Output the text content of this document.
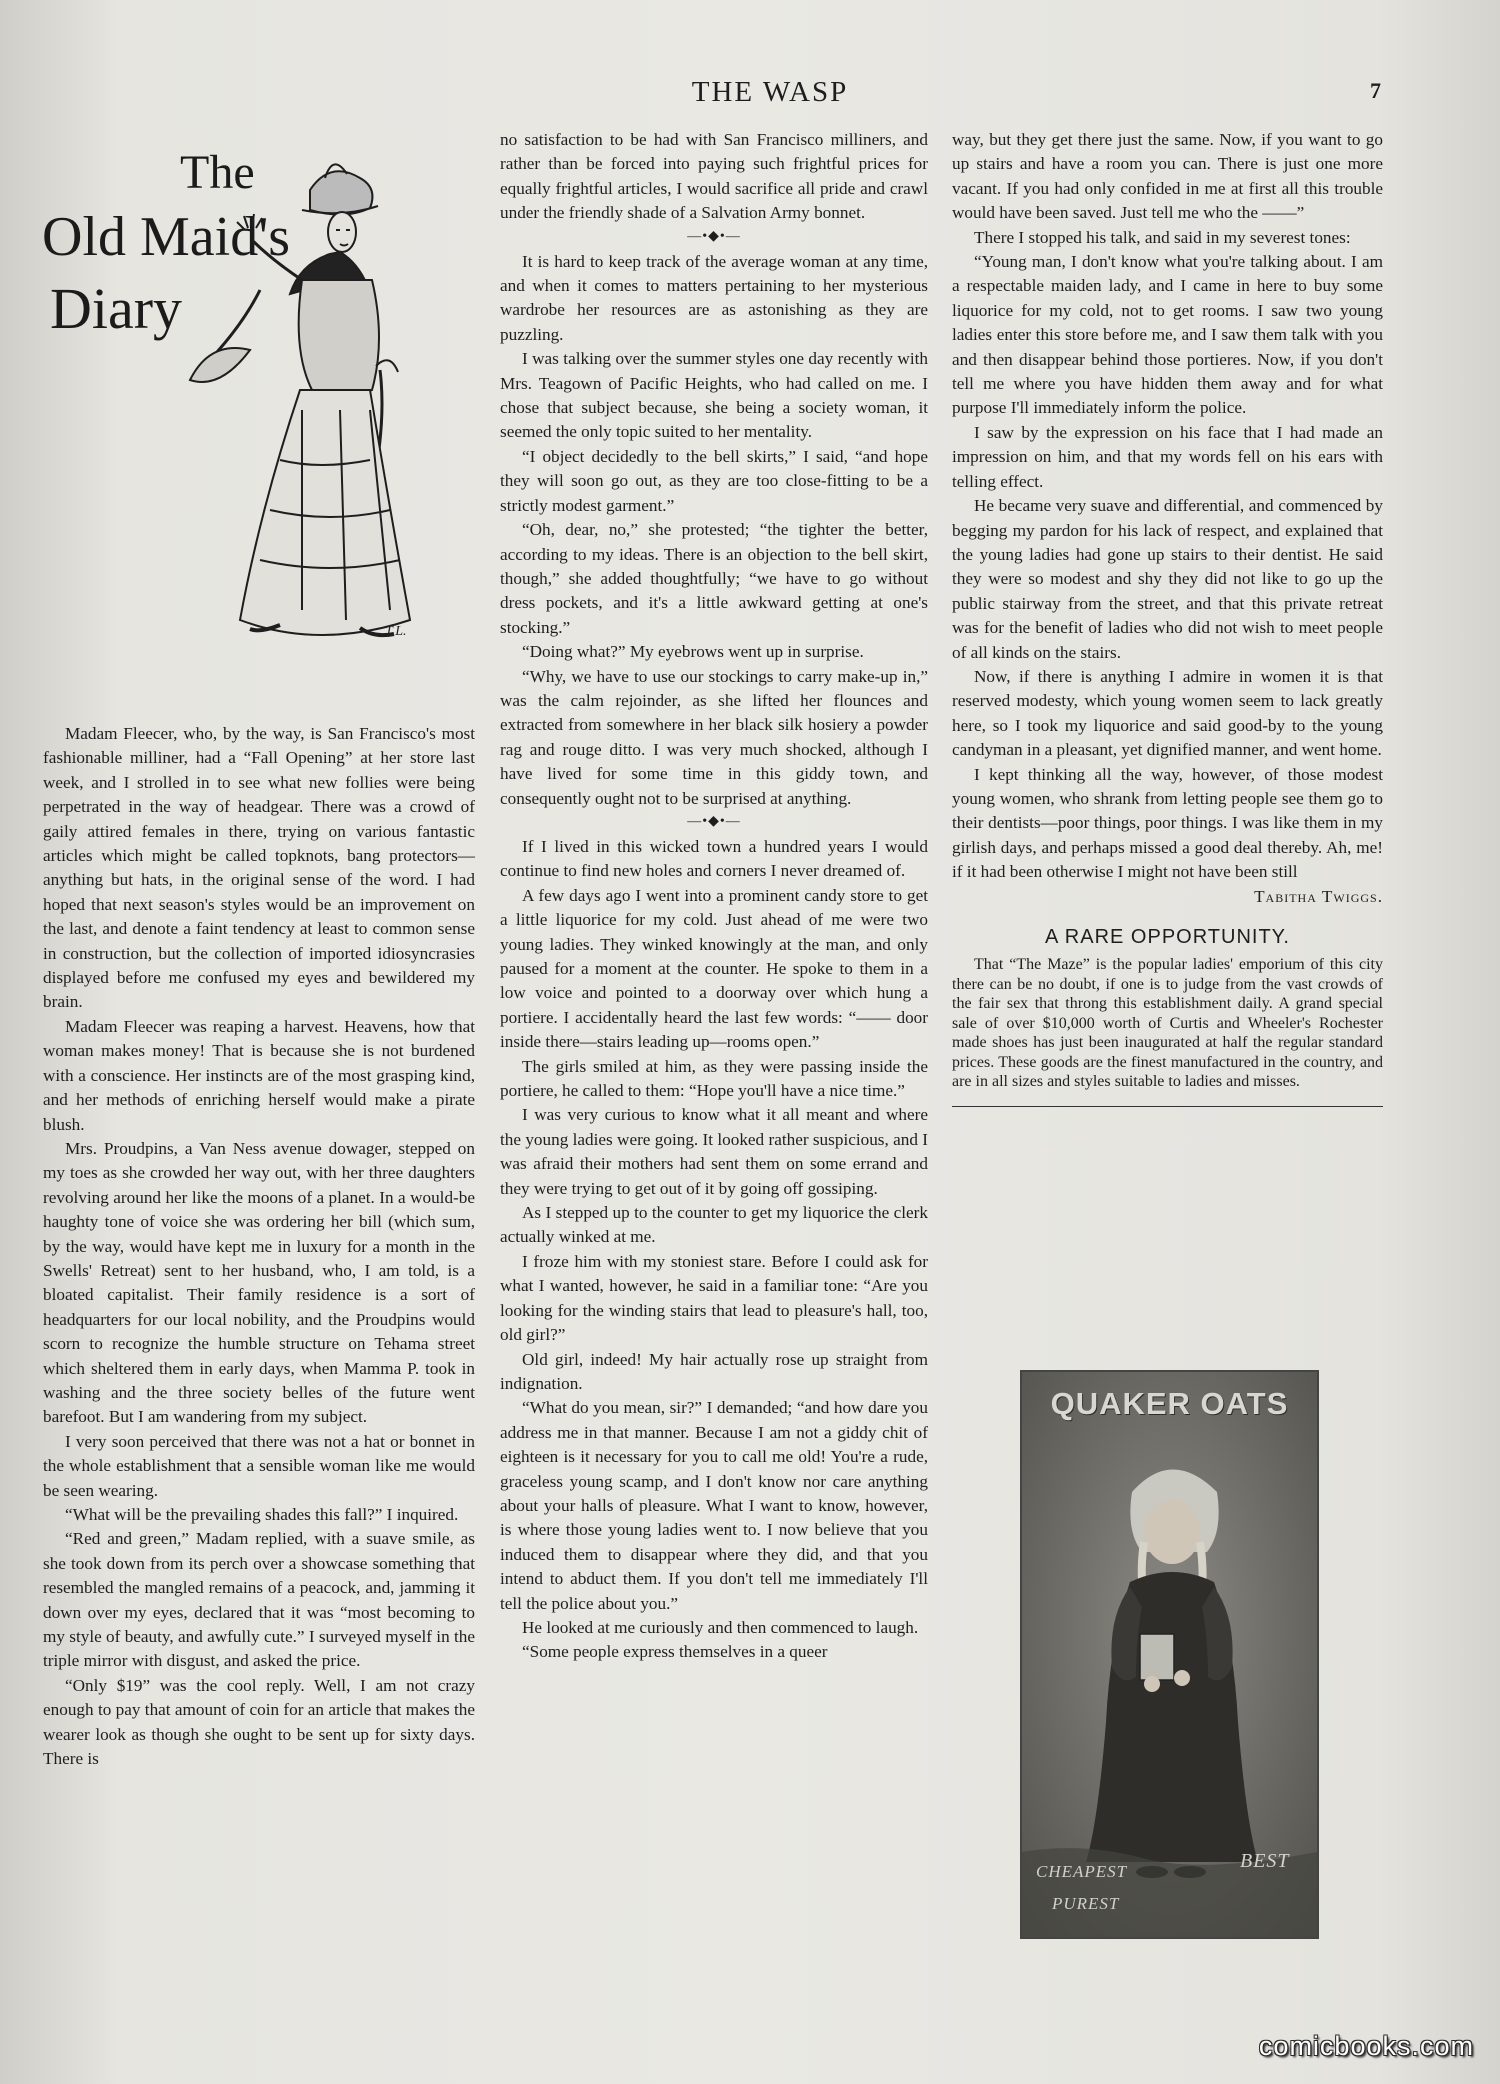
THE WASP	7
The
Old Maid's
Diary
T.L.

Madam Fleecer, who, by the way, is San Francisco's most fashionable milliner, had a “Fall Opening” at her store last week, and I strolled in to see what new follies were being perpetrated in the way of headgear. There was a crowd of gaily attired females in there, trying on various fantastic articles which might be called topknots, bang protectors—anything but hats, in the original sense of the word. I had hoped that next season's styles would be an improvement on the last, and denote a faint tendency at least to common sense in construction, but the collection of imported idiosyncrasies displayed before me confused my eyes and bewildered my brain.

Madam Fleecer was reaping a harvest. Heavens, how that woman makes money! That is because she is not burdened with a conscience. Her instincts are of the most grasping kind, and her methods of enriching herself would make a pirate blush.

Mrs. Proudpins, a Van Ness avenue dowager, stepped on my toes as she crowded her way out, with her three daughters revolving around her like the moons of a planet. In a would-be haughty tone of voice she was ordering her bill (which sum, by the way, would have kept me in luxury for a month in the Swells' Retreat) sent to her husband, who, I am told, is a bloated capitalist. Their family residence is a sort of headquarters for our local nobility, and the Proudpins would scorn to recognize the humble structure on Tehama street which sheltered them in early days, when Mamma P. took in washing and the three society belles of the future went barefoot. But I am wandering from my subject.

I very soon perceived that there was not a hat or bonnet in the whole establishment that a sensible woman like me would be seen wearing.

“What will be the prevailing shades this fall?” I inquired.

“Red and green,” Madam replied, with a suave smile, as she took down from its perch over a showcase something that resembled the mangled remains of a peacock, and, jamming it down over my eyes, declared that it was “most becoming to my style of beauty, and awfully cute.” I surveyed myself in the triple mirror with disgust, and asked the price.

“Only $19” was the cool reply. Well, I am not crazy enough to pay that amount of coin for an article that makes the wearer look as though she ought to be sent up for sixty days. There is

no satisfaction to be had with San Francisco milliners, and rather than be forced into paying such frightful prices for equally frightful articles, I would sacrifice all pride and crawl under the friendly shade of a Salvation Army bonnet.

—•◆•—

It is hard to keep track of the average woman at any time, and when it comes to matters pertaining to her mysterious wardrobe her resources are as astonishing as they are puzzling.

I was talking over the summer styles one day recently with Mrs. Teagown of Pacific Heights, who had called on me. I chose that subject because, she being a society woman, it seemed the only topic suited to her mentality.

“I object decidedly to the bell skirts,” I said, “and hope they will soon go out, as they are too close-fitting to be a strictly modest garment.”

“Oh, dear, no,” she protested; “the tighter the better, according to my ideas. There is an objection to the bell skirt, though,” she added thoughtfully; “we have to go without dress pockets, and it's a little awkward getting at one's stocking.”

“Doing what?” My eyebrows went up in surprise.

“Why, we have to use our stockings to carry make-up in,” was the calm rejoinder, as she lifted her flounces and extracted from somewhere in her black silk hosiery a powder rag and rouge ditto. I was very much shocked, although I have lived for some time in this giddy town, and consequently ought not to be surprised at anything.

—•◆•—

If I lived in this wicked town a hundred years I would continue to find new holes and corners I never dreamed of.

A few days ago I went into a prominent candy store to get a little liquorice for my cold. Just ahead of me were two young ladies. They winked knowingly at the man, and only paused for a moment at the counter. He spoke to them in a low voice and pointed to a doorway over which hung a portiere. I accidentally heard the last few words: “—— door inside there—stairs leading up—rooms open.”

The girls smiled at him, as they were passing inside the portiere, he called to them: “Hope you'll have a nice time.”

I was very curious to know what it all meant and where the young ladies were going. It looked rather suspicious, and I was afraid their mothers had sent them on some errand and they were trying to get out of it by going off gossiping.

As I stepped up to the counter to get my liquorice the clerk actually winked at me.

I froze him with my stoniest stare. Before I could ask for what I wanted, however, he said in a familiar tone: “Are you looking for the winding stairs that lead to pleasure's hall, too, old girl?”

Old girl, indeed! My hair actually rose up straight from indignation.

“What do you mean, sir?” I demanded; “and how dare you address me in that manner. Because I am not a giddy chit of eighteen is it necessary for you to call me old! You're a rude, graceless young scamp, and I don't know nor care anything about your halls of pleasure. What I want to know, however, is where those young ladies went to. I now believe that you induced them to disappear where they did, and that you intend to abduct them. If you don't tell me immediately I'll tell the police about you.”

He looked at me curiously and then commenced to laugh.

“Some people express themselves in a queer

way, but they get there just the same. Now, if you want to go up stairs and have a room you can. There is just one more vacant. If you had only confided in me at first all this trouble would have been saved. Just tell me who the ——”

There I stopped his talk, and said in my severest tones:

“Young man, I don't know what you're talking about. I am a respectable maiden lady, and I came in here to buy some liquorice for my cold, not to get rooms. I saw two young ladies enter this store before me, and I saw them talk with you and then disappear behind those portieres. Now, if you don't tell me where you have hidden them away and for what purpose I'll immediately inform the police.

I saw by the expression on his face that I had made an impression on him, and that my words fell on his ears with telling effect.

He became very suave and differential, and commenced by begging my pardon for his lack of respect, and explained that the young ladies had gone up stairs to their dentist. He said they were so modest and shy they did not like to go up the public stairway from the street, and that this private retreat was for the benefit of ladies who did not wish to meet people of all kinds on the stairs.

Now, if there is anything I admire in women it is that reserved modesty, which young women seem to lack greatly here, so I took my liquorice and said good-by to the young candyman in a pleasant, yet dignified manner, and went home.

I kept thinking all the way, however, of those modest young women, who shrank from letting people see them go to their dentists—poor things, poor things. I was like them in my girlish days, and perhaps missed a good deal thereby. Ah, me! if it had been otherwise I might not have been still

Tabitha Twiggs.

A RARE OPPORTUNITY.

That “The Maze” is the popular ladies' emporium of this city there can be no doubt, if one is to judge from the vast crowds of the fair sex that throng this establishment daily. A grand special sale of over $10,000 worth of Curtis and Wheeler's Rochester made shoes has just been inaugurated at half the regular standard prices. These goods are the finest manufactured in the country, and are in all sizes and styles suitable to ladies and misses.

QUAKER OATS
CHEAPEST	BEST
PUREST
comicbooks.com
